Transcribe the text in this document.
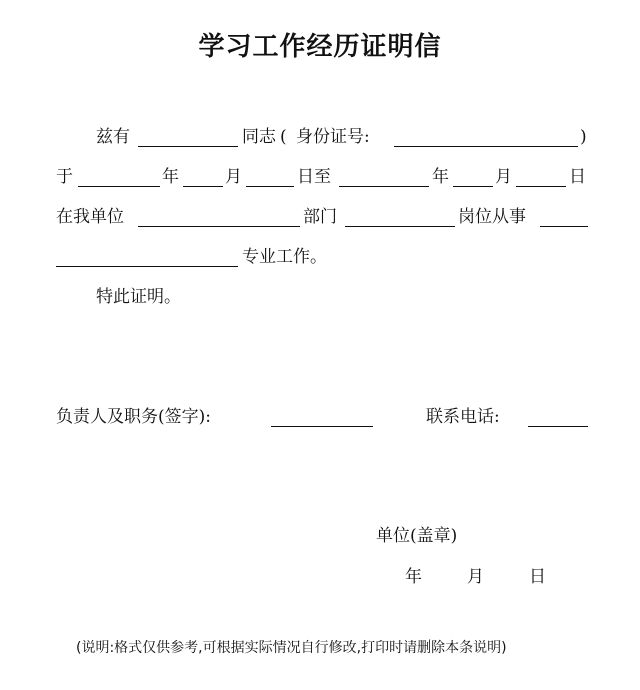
学习工作经历证明信
兹有	同志 ( 身份证号:	)
于	年	月	日至	年	月	日
在我单位	部门	岗位从事
专业工作。
特此证明。
负责人及职务(签字):	联系电话:
单位(盖章)
年	月	日
(说明:格式仅供参考,可根据实际情况自行修改,打印时请删除本条说明)
